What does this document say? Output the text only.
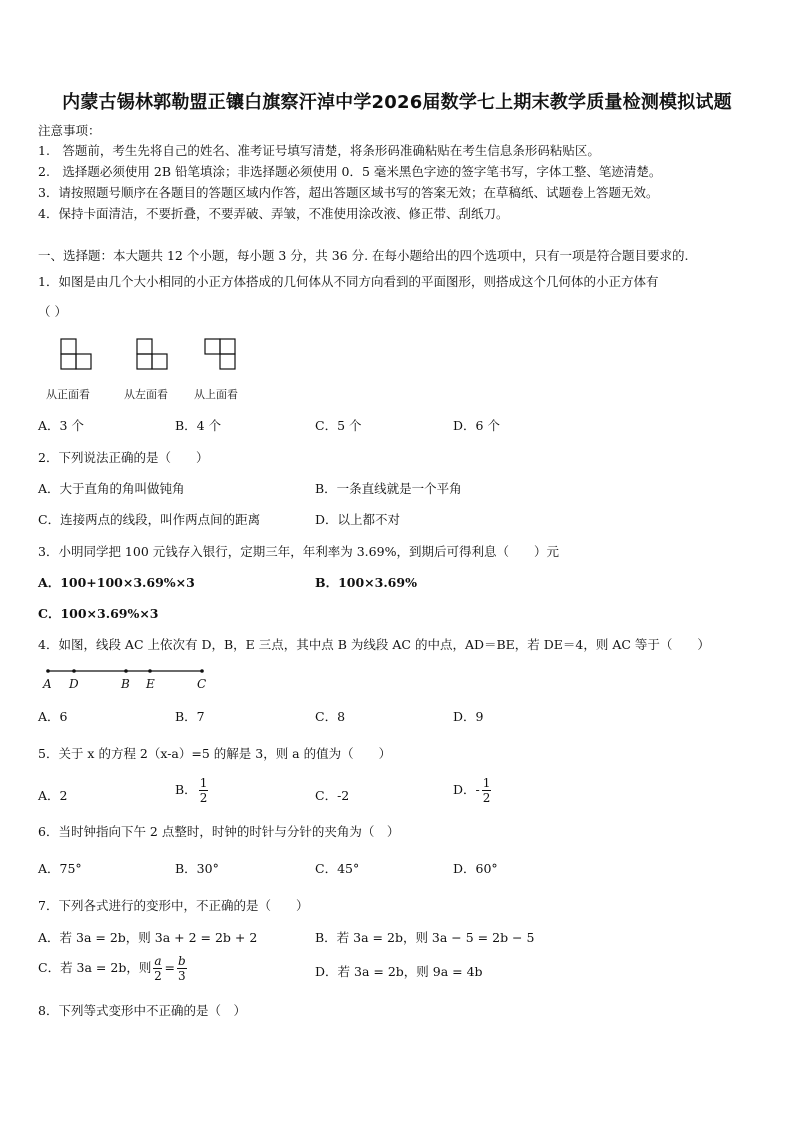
内蒙古锡林郭勒盟正镶白旗察汗淖中学2026届数学七上期末教学质量检测模拟试题
注意事项：
1.　答题前，考生先将自己的姓名、准考证号填写清楚，将条形码准确粘贴在考生信息条形码粘贴区。
2.　选择题必须使用 2B 铅笔填涂；非选择题必须使用 0．5 毫米黑色字迹的签字笔书写，字体工整、笔迹清楚。
3．请按照题号顺序在各题目的答题区域内作答，超出答题区域书写的答案无效；在草稿纸、试题卷上答题无效。
4．保持卡面清洁，不要折叠，不要弄破、弄皱，不准使用涂改液、修正带、刮纸刀。
一、选择题：本大题共 12 个小题，每小题 3 分，共 36 分. 在每小题给出的四个选项中，只有一项是符合题目要求的.
1．如图是由几个大小相同的小正方体搭成的几何体从不同方向看到的平面图形，则搭成这个几何体的小正方体有
（ ）
从正面看	从左面看 从上面看
A．3 个	B．4 个	C．5 个	D．6 个
2．下列说法正确的是（　　）
A．大于直角的角叫做钝角	B．一条直线就是一个平角
C．连接两点的线段，叫作两点间的距离	D．以上都不对
3．小明同学把 100 元钱存入银行，定期三年，年利率为 3.69%，到期后可得利息（　　）元
A．100+100×3.69%×3	B．100×3.69%
C．100×3.69%×3
4．如图，线段 AC 上依次有 D，B，E 三点，其中点 B 为线段 AC 的中点，AD＝BE，若 DE＝4，则 AC 等于（　　）
A D	B E	C
A．6	B．7	C．8	D．9
5．关于 x 的方程 2（x-a）=5 的解是 3，则 a 的值为（　　）
A．2	B． $\frac{1}{2}$	C．-2	D．- $\frac{1}{2}$
6．当时钟指向下午 2 点整时，时钟的时针与分针的夹角为（　）
A．75°	B．30°	C．45°	D．60°
7．下列各式进行的变形中，不正确的是（　　）
A．若 3a = 2b，则 3a + 2 = 2b + 2	B．若 3a = 2b，则 3a − 5 = 2b − 5
C．若 3a = 2b，则 $\frac{a}{2} = \frac{b}{3}$	D．若 3a = 2b，则 9a = 4b
8．下列等式变形中不正确的是（　）
